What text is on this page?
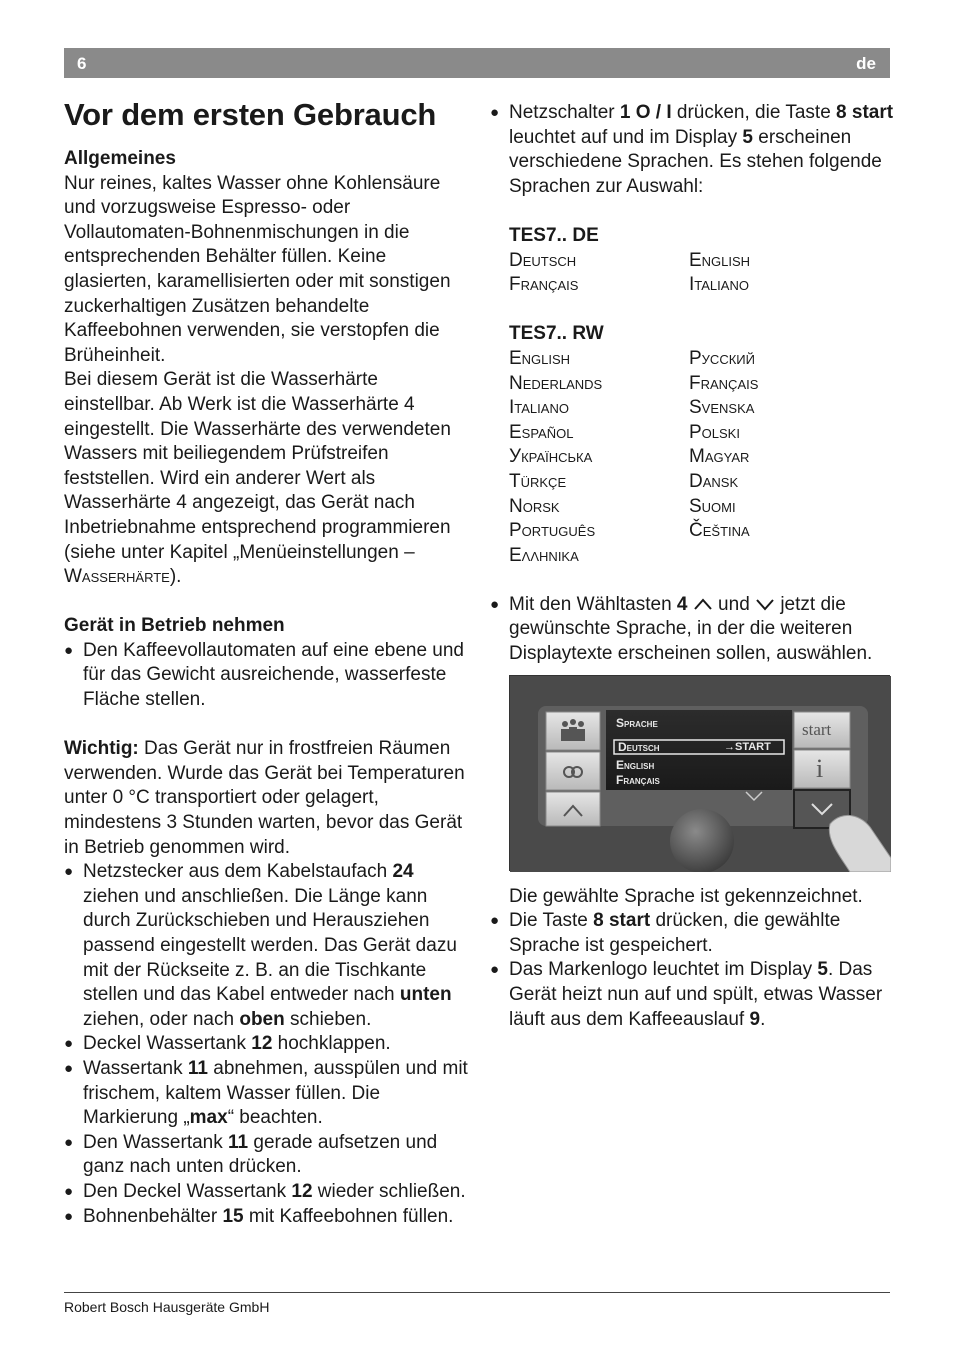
6	de
Vor dem ersten Gebrauch
Allgemeines

Nur reines, kaltes Wasser ohne Kohlensäure und vorzugsweise Espresso- oder Vollautomaten-Bohnenmischungen in die entsprechenden Behälter füllen. Keine glasierten, karamellisierten oder mit sonstigen zuckerhaltigen Zusätzen behandelte Kaffeebohnen verwenden, sie verstopfen die Brüheinheit.

Bei diesem Gerät ist die Wasserhärte einstellbar. Ab Werk ist die Wasserhärte 4 eingestellt. Die Wasserhärte des verwendeten Wassers mit beiliegendem Prüfstreifen feststellen. Wird ein anderer Wert als Wasserhärte 4 angezeigt, das Gerät nach Inbetriebnahme entsprechend programmieren (siehe unter Kapitel „Menüeinstellungen – Wasserhärte).

Gerät in Betrieb nehmen
● Den Kaffeevollautomaten auf eine ebene und für das Gewicht ausreichende, wasserfeste Fläche stellen.

Wichtig: Das Gerät nur in frostfreien Räumen verwenden. Wurde das Gerät bei Temperaturen unter 0 °C transportiert oder gelagert, mindestens 3 Stunden warten, bevor das Gerät in Betrieb genommen wird.

● Netzstecker aus dem Kabelstaufach 24 ziehen und anschließen. Die Länge kann durch Zurückschieben und Herausziehen passend eingestellt werden. Das Gerät dazu mit der Rückseite z. B. an die Tischkante stellen und das Kabel entweder nach unten ziehen, oder nach oben schieben.
● Deckel Wassertank 12 hochklappen.
● Wassertank 11 abnehmen, ausspülen und mit frischem, kaltem Wasser füllen. Die Markierung „max“ beachten.
● Den Wassertank 11 gerade aufsetzen und ganz nach unten drücken.
● Den Deckel Wassertank 12 wieder schließen.
● Bohnenbehälter 15 mit Kaffeebohnen füllen.
● Netzschalter 1 O / I drücken, die Taste 8 start leuchtet auf und im Display 5 erscheinen verschiedene Sprachen. Es stehen folgende Sprachen zur Auswahl:
TES7.. DE
Deutsch	English
Français	Italiano
TES7.. RW
English	Русский
Nederlands	Français
Italiano	Svenska
Español	Polski
Українська	Magyar
Türkçe	Dansk
Norsk	Suomi
Português	Čeština
Ελληνικα
● Mit den Wähltasten 4  und  jetzt die gewünschte Sprache, in der die weiteren Displaytexte erscheinen sollen, auswählen.
Sprache
Deutsch	→START
English
Français
start
i

Die gewählte Sprache ist gekennzeichnet.

● Die Taste 8 start drücken, die gewählte Sprache ist gespeichert.
● Das Markenlogo leuchtet im Display 5. Das Gerät heizt nun auf und spült, etwas Wasser läuft aus dem Kaffeeauslauf 9.
Robert Bosch Hausgeräte GmbH
